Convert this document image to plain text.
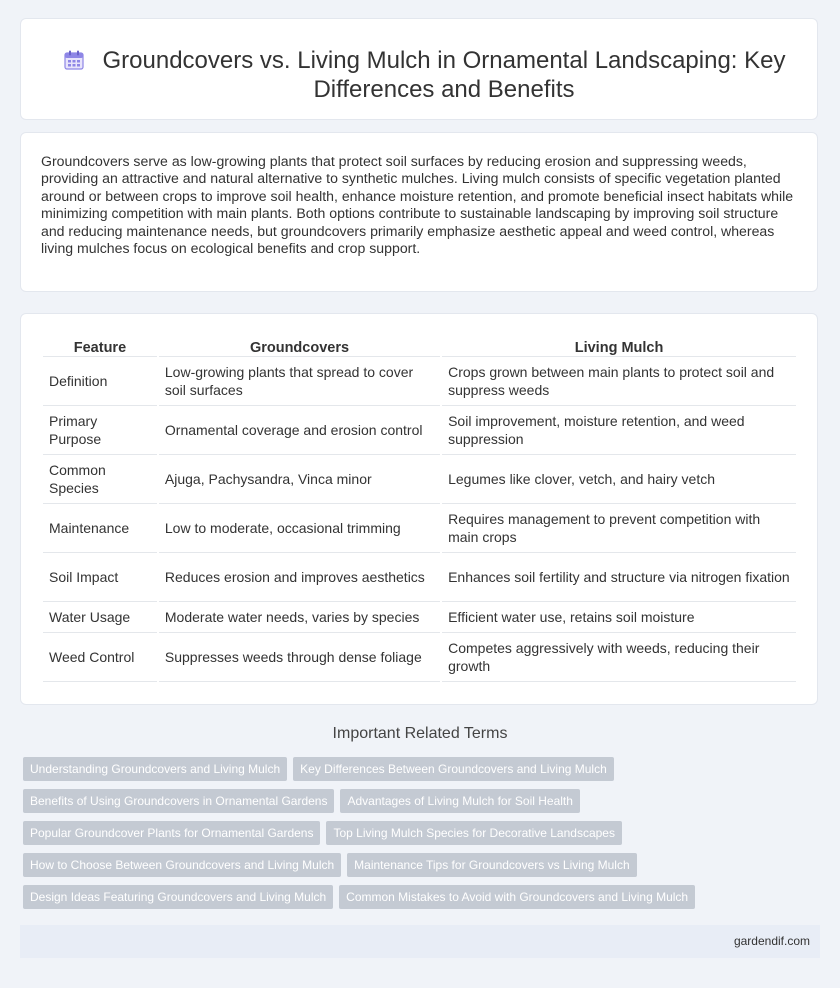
Groundcovers vs. Living Mulch in Ornamental Landscaping: Key Differences and Benefits

Groundcovers serve as low-growing plants that protect soil surfaces by reducing erosion and suppressing weeds, providing an attractive and natural alternative to synthetic mulches. Living mulch consists of specific vegetation planted around or between crops to improve soil health, enhance moisture retention, and promote beneficial insect habitats while minimizing competition with main plants. Both options contribute to sustainable landscaping by improving soil structure and reducing maintenance needs, but groundcovers primarily emphasize aesthetic appeal and weed control, whereas living mulches focus on ecological benefits and crop support.

Feature	Groundcovers	Living Mulch
Definition	Low-growing plants that spread to cover soil surfaces	Crops grown between main plants to protect soil and suppress weeds
Primary Purpose	Ornamental coverage and erosion control	Soil improvement, moisture retention, and weed suppression
Common Species	Ajuga, Pachysandra, Vinca minor	Legumes like clover, vetch, and hairy vetch
Maintenance	Low to moderate, occasional trimming	Requires management to prevent competition with main crops
Soil Impact	Reduces erosion and improves aesthetics	Enhances soil fertility and structure via nitrogen fixation
Water Usage	Moderate water needs, varies by species	Efficient water use, retains soil moisture
Weed Control	Suppresses weeds through dense foliage	Competes aggressively with weeds, reducing their growth
Important Related Terms
Understanding Groundcovers and Living Mulch Key Differences Between Groundcovers and Living Mulch
Benefits of Using Groundcovers in Ornamental Gardens Advantages of Living Mulch for Soil Health
Popular Groundcover Plants for Ornamental Gardens Top Living Mulch Species for Decorative Landscapes
How to Choose Between Groundcovers and Living Mulch Maintenance Tips for Groundcovers vs Living Mulch
Design Ideas Featuring Groundcovers and Living Mulch Common Mistakes to Avoid with Groundcovers and Living Mulch
gardendif.com
